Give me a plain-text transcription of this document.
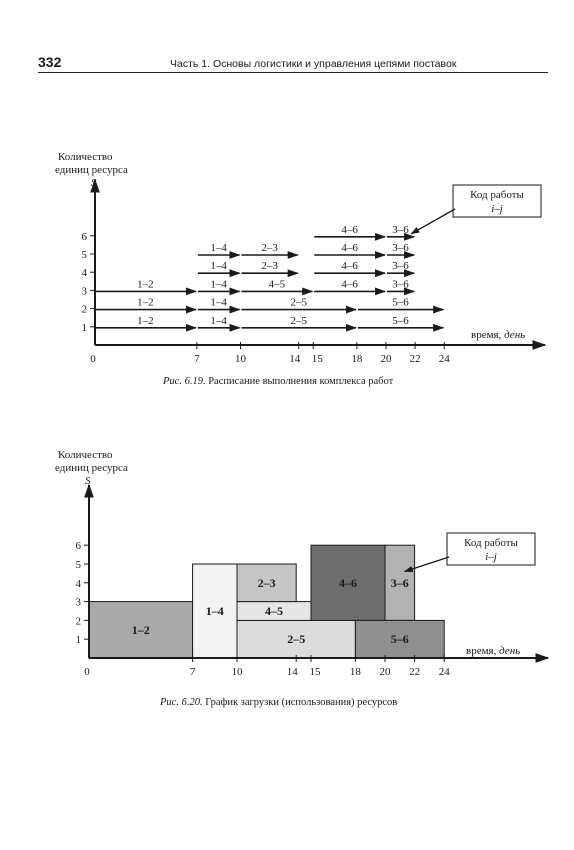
332	Часть 1. Основы логистики и управления цепями поставок
Количество
единиц ресурса
S
1
2
3
4
5
6
0	7	10	14 15	18 20 22 24
время, день
1–2
1–2
1–2
1–4
1–4
1–4
1–4
1–4
2–5
2–5
4–5
2–3
2–3
5–6
5–6
4–6
4–6
4–6
4–6
3–6
3–6
3–6
3–6
Код работы
i–j
Рис. 6.19. Расписание выполнения комплекса работ
1–2
1–4
2–5
4–5
2–3	4–6	3–6
5–6
Количество
единиц ресурса
S
1
2
3
4
5
6
0	7	10	14 15	18 20 22 24
время, день
Код работы
i–j
Рис. 6.20. График загрузки (использования) ресурсов
